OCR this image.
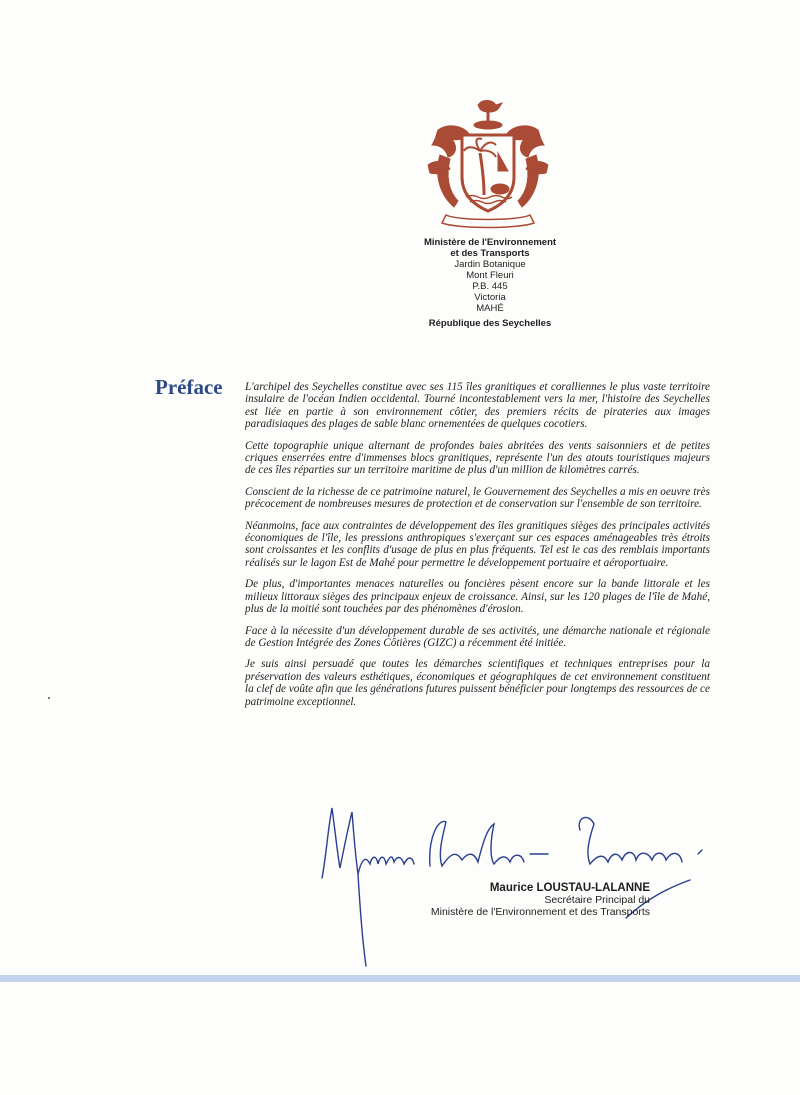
Ministère de l'Environnement
et des Transports
Jardin Botanique
Mont Fleuri
P.B. 445
Victoria
MAHÉ
République des Seychelles
Préface L'archipel des Seychelles constitue avec ses 115 îles granitiques et coralliennes le plus vaste territoire insulaire de l'océan Indien occidental. Tourné incontestablement vers la mer, l'histoire des Seychelles est liée en partie à son environnement côtier, des premiers récits de pirateries aux images paradisiaques des plages de sable blanc ornementées de quelques cocotiers.

Cette topographie unique alternant de profondes baies abritées des vents saisonniers et de petites criques enserrées entre d'immenses blocs granitiques, représente l'un des atouts touristiques majeurs de ces îles réparties sur un territoire maritime de plus d'un million de kilomètres carrés.

Conscient de la richesse de ce patrimoine naturel, le Gouvernement des Seychelles a mis en oeuvre très précocement de nombreuses mesures de protection et de conservation sur l'ensemble de son territoire.

Néanmoins, face aux contraintes de développement des îles granitiques sièges des principales activités économiques de l'île, les pressions anthropiques s'exerçant sur ces espaces aménageables très étroits sont croissantes et les conflits d'usage de plus en plus fréquents. Tel est le cas des remblais importants réalisés sur le lagon Est de Mahé pour permettre le développement portuaire et aéroportuaire.

De plus, d'importantes menaces naturelles ou foncières pèsent encore sur la bande littorale et les milieux littoraux sièges des principaux enjeux de croissance. Ainsi, sur les 120 plages de l'île de Mahé, plus de la moitié sont touchées par des phénomènes d'érosion.

Face à la nécessite d'un développement durable de ses activités, une démarche nationale et régionale de Gestion Intégrée des Zones Côtières (GIZC) a récemment été initiée.

Je suis ainsi persuadé que toutes les démarches scientifiques et techniques entreprises pour la préservation des valeurs esthétiques, économiques et géographiques de cet environnement constituent la clef de voûte afin que les générations futures puissent bénéficier pour longtemps des ressources de ce patrimoine exceptionnel.

Maurice LOUSTAU-LALANNE
Secrétaire Principal du
Ministère de l'Environnement et des Transports
